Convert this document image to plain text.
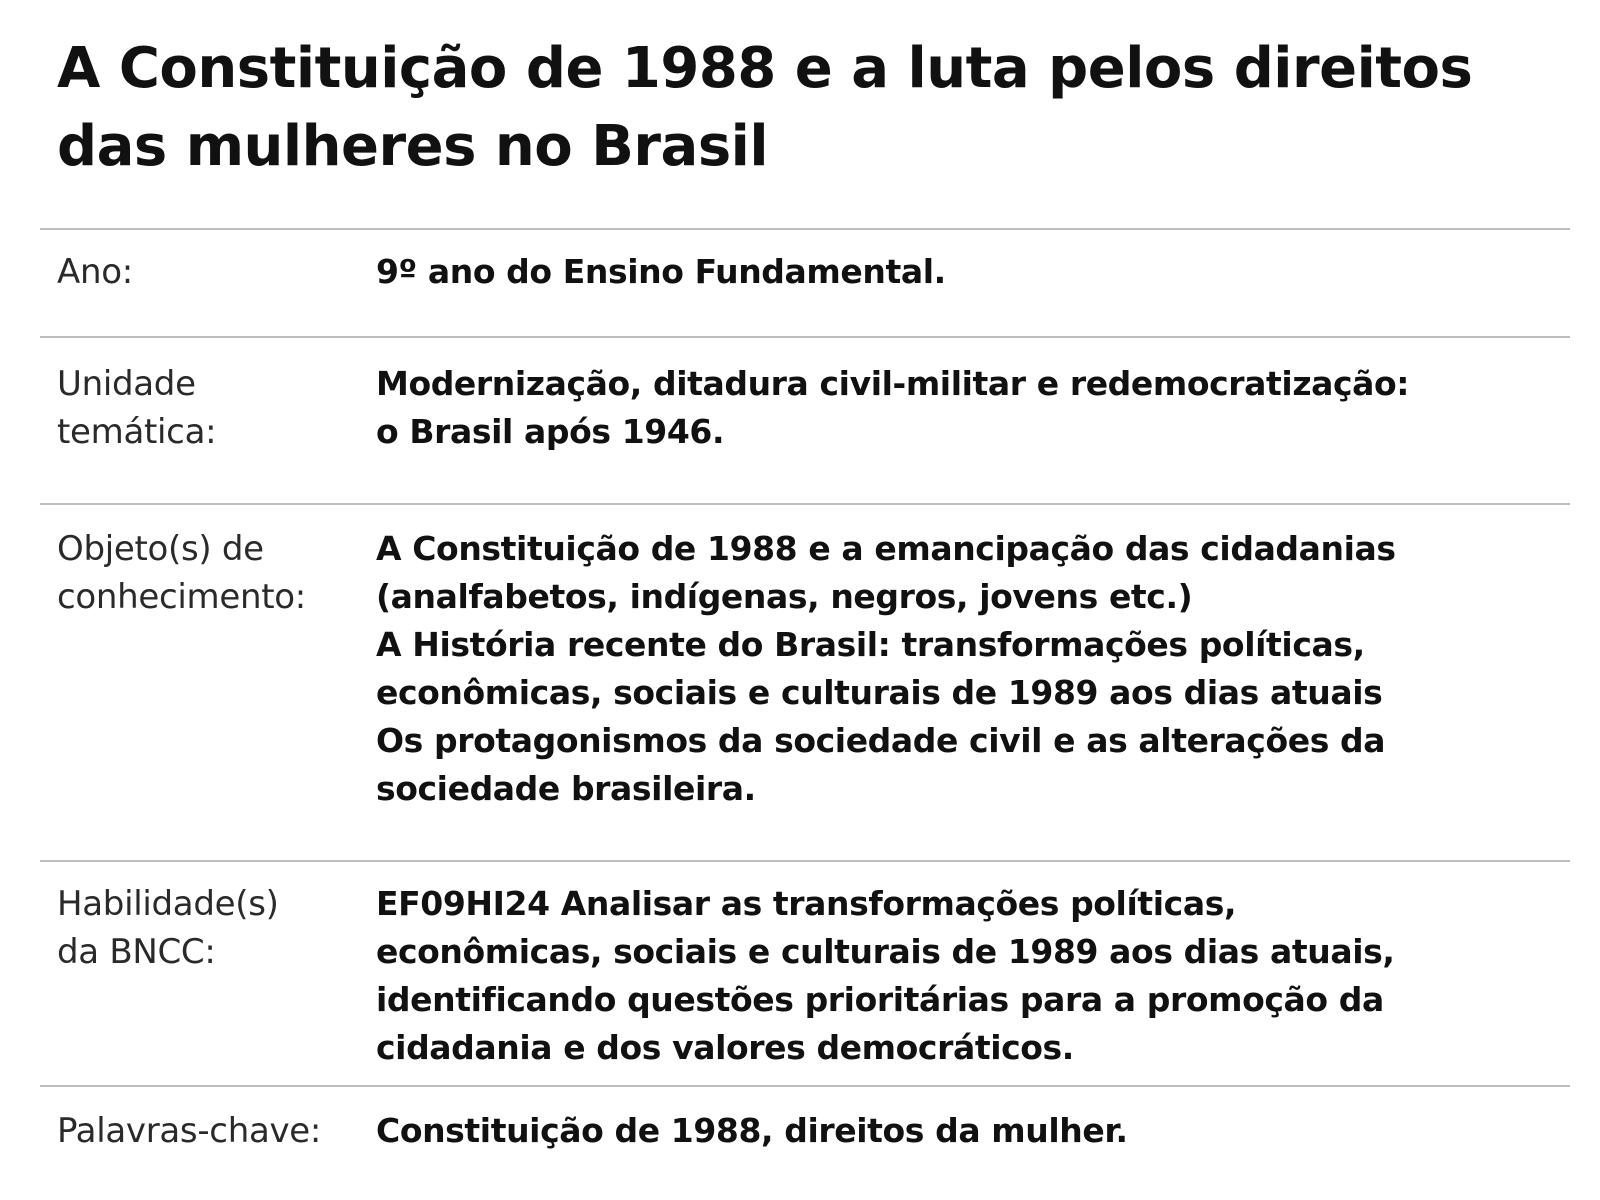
A Constituição de 1988 e a luta pelos direitos
das mulheres no Brasil
Ano:	9º ano do Ensino Fundamental.
Unidade
temática:
Modernização, ditadura civil-militar e redemocratização:
o Brasil após 1946.
Objeto(s) de
conhecimento:
A Constituição de 1988 e a emancipação das cidadanias
(analfabetos, indígenas, negros, jovens etc.)
A História recente do Brasil: transformações políticas,
econômicas, sociais e culturais de 1989 aos dias atuais
Os protagonismos da sociedade civil e as alterações da
sociedade brasileira.
Habilidade(s)
da BNCC:
EF09HI24 Analisar as transformações políticas,
econômicas, sociais e culturais de 1989 aos dias atuais,
identificando questões prioritárias para a promoção da
cidadania e dos valores democráticos.
Palavras-chave:	Constituição de 1988, direitos da mulher.
